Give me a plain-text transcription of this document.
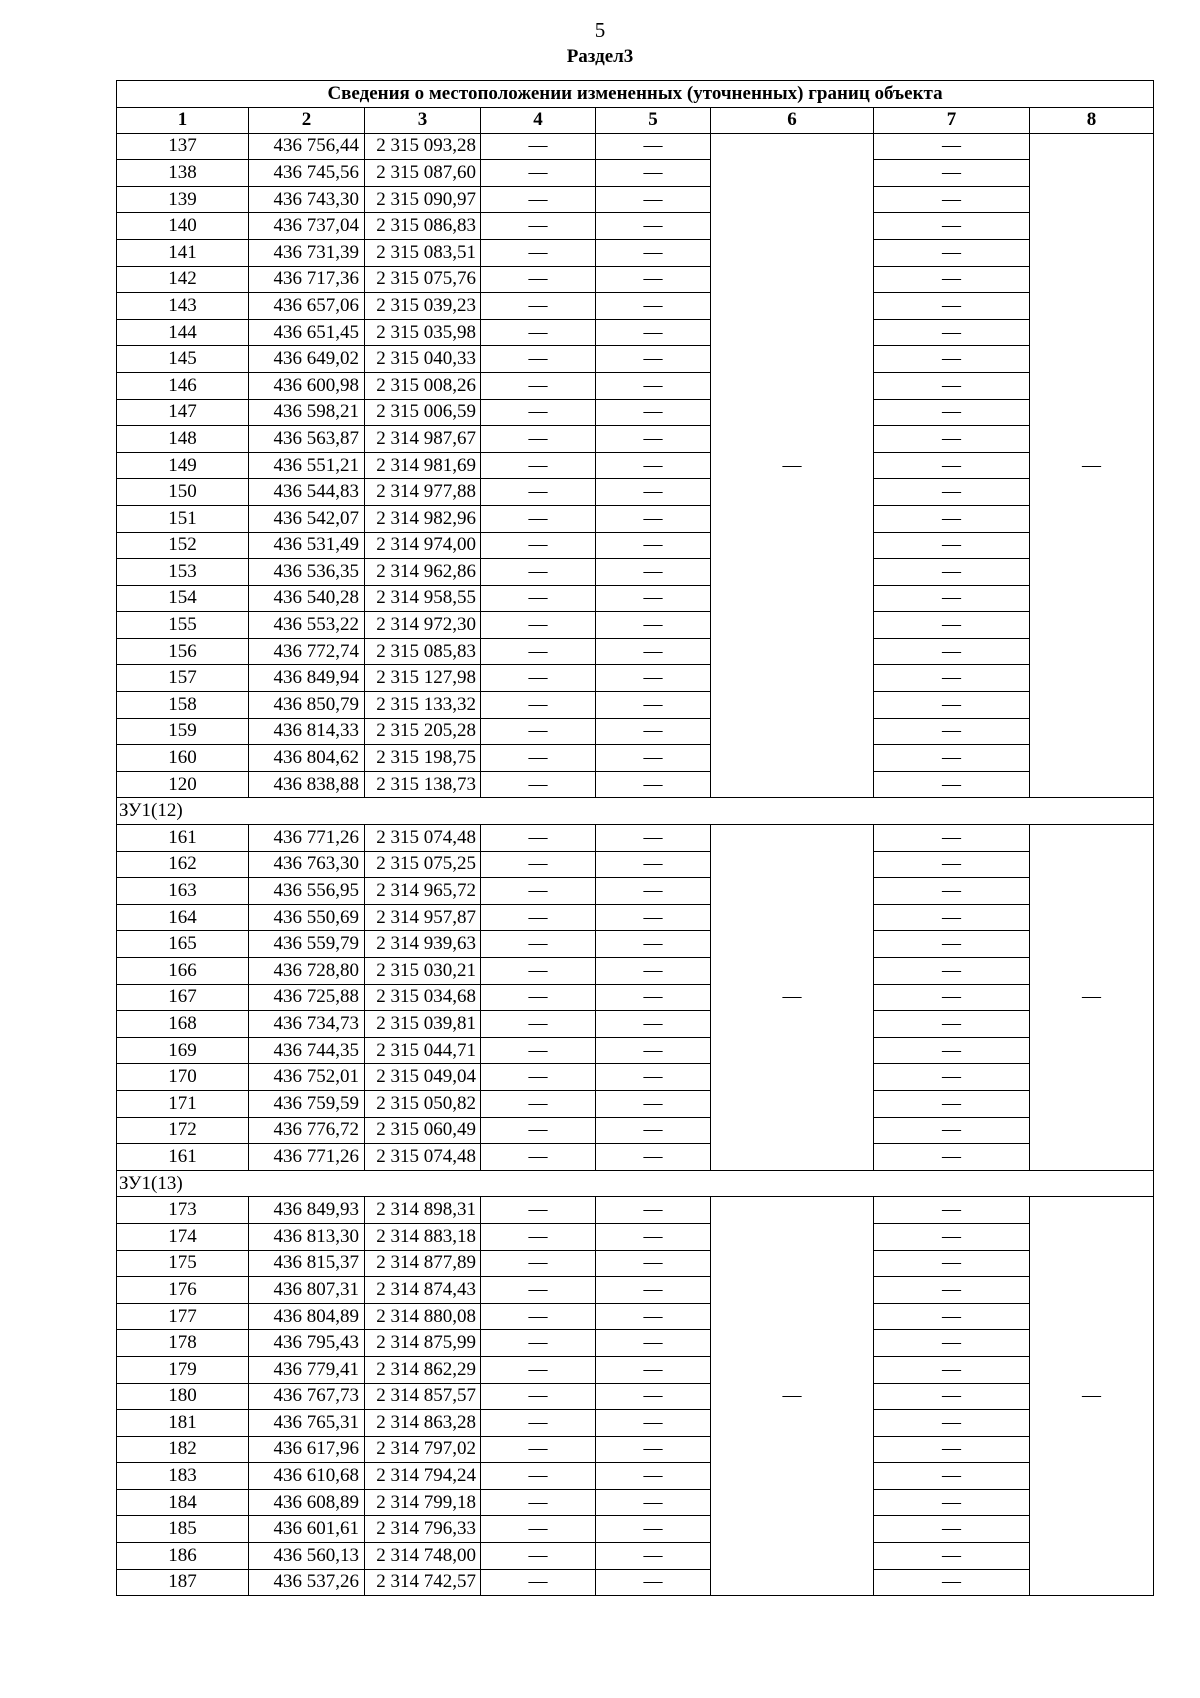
5
Раздел3
Сведения о местоположении измененных (уточненных) границ объекта							
1	2	3	4	5	6	7	8
137	436 756,44	2 315 093,28	—	—	—	—	—
138	436 745,56	2 315 087,60	—	—		—	
139	436 743,30	2 315 090,97	—	—		—	
140	436 737,04	2 315 086,83	—	—		—	
141	436 731,39	2 315 083,51	—	—		—	
142	436 717,36	2 315 075,76	—	—		—	
143	436 657,06	2 315 039,23	—	—		—	
144	436 651,45	2 315 035,98	—	—		—	
145	436 649,02	2 315 040,33	—	—		—	
146	436 600,98	2 315 008,26	—	—		—	
147	436 598,21	2 315 006,59	—	—		—	
148	436 563,87	2 314 987,67	—	—		—	
149	436 551,21	2 314 981,69	—	—		—	
150	436 544,83	2 314 977,88	—	—		—	
151	436 542,07	2 314 982,96	—	—		—	
152	436 531,49	2 314 974,00	—	—		—	
153	436 536,35	2 314 962,86	—	—		—	
154	436 540,28	2 314 958,55	—	—		—	
155	436 553,22	2 314 972,30	—	—		—	
156	436 772,74	2 315 085,83	—	—		—	
157	436 849,94	2 315 127,98	—	—		—	
158	436 850,79	2 315 133,32	—	—		—	
159	436 814,33	2 315 205,28	—	—		—	
160	436 804,62	2 315 198,75	—	—		—	
120	436 838,88	2 315 138,73	—	—		—	
ЗУ1(12)							
161	436 771,26	2 315 074,48	—	—	—	—	—
162	436 763,30	2 315 075,25	—	—		—	
163	436 556,95	2 314 965,72	—	—		—	
164	436 550,69	2 314 957,87	—	—		—	
165	436 559,79	2 314 939,63	—	—		—	
166	436 728,80	2 315 030,21	—	—		—	
167	436 725,88	2 315 034,68	—	—		—	
168	436 734,73	2 315 039,81	—	—		—	
169	436 744,35	2 315 044,71	—	—		—	
170	436 752,01	2 315 049,04	—	—		—	
171	436 759,59	2 315 050,82	—	—		—	
172	436 776,72	2 315 060,49	—	—		—	
161	436 771,26	2 315 074,48	—	—		—	
ЗУ1(13)							
173	436 849,93	2 314 898,31	—	—	—	—	—
174	436 813,30	2 314 883,18	—	—		—	
175	436 815,37	2 314 877,89	—	—		—	
176	436 807,31	2 314 874,43	—	—		—	
177	436 804,89	2 314 880,08	—	—		—	
178	436 795,43	2 314 875,99	—	—		—	
179	436 779,41	2 314 862,29	—	—		—	
180	436 767,73	2 314 857,57	—	—		—	
181	436 765,31	2 314 863,28	—	—		—	
182	436 617,96	2 314 797,02	—	—		—	
183	436 610,68	2 314 794,24	—	—		—	
184	436 608,89	2 314 799,18	—	—		—	
185	436 601,61	2 314 796,33	—	—		—	
186	436 560,13	2 314 748,00	—	—		—	
187	436 537,26	2 314 742,57	—	—		—	
